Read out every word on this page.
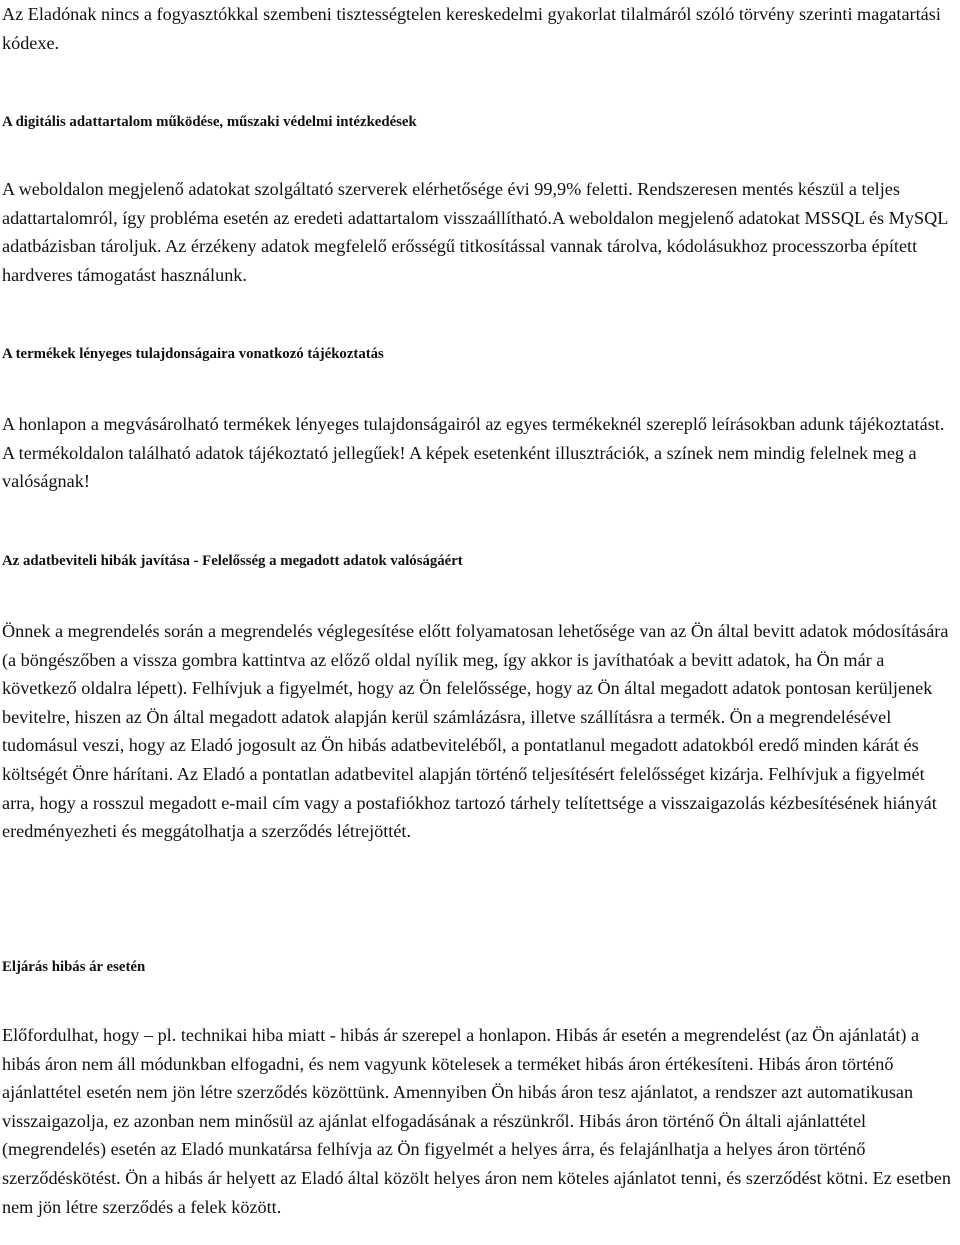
Az Eladónak nincs a fogyasztókkal szembeni tisztességtelen kereskedelmi gyakorlat tilalmáról szóló törvény szerinti magatartási kódexe.

A digitális adattartalom működése, műszaki védelmi intézkedések

A weboldalon megjelenő adatokat szolgáltató szerverek elérhetősége évi 99,9% feletti. Rendszeresen mentés készül a teljes adattartalomról, így probléma esetén az eredeti adattartalom visszaállítható.A weboldalon megjelenő adatokat MSSQL és MySQL adatbázisban tároljuk. Az érzékeny adatok megfelelő erősségű titkosítással vannak tárolva, kódolásukhoz processzorba épített hardveres támogatást használunk.

A termékek lényeges tulajdonságaira vonatkozó tájékoztatás

A honlapon a megvásárolható termékek lényeges tulajdonságairól az egyes termékeknél szereplő leírásokban adunk tájékoztatást. A termékoldalon található adatok tájékoztató jellegűek! A képek esetenként illusztrációk, a színek nem mindig felelnek meg a valóságnak!

Az adatbeviteli hibák javítása - Felelősség a megadott adatok valóságáért

Önnek a megrendelés során a megrendelés véglegesítése előtt folyamatosan lehetősége van az Ön által bevitt adatok módosítására (a böngészőben a vissza gombra kattintva az előző oldal nyílik meg, így akkor is javíthatóak a bevitt adatok, ha Ön már a következő oldalra lépett). Felhívjuk a figyelmét, hogy az Ön felelőssége, hogy az Ön által megadott adatok pontosan kerüljenek bevitelre, hiszen az Ön által megadott adatok alapján kerül számlázásra, illetve szállításra a termék. Ön a megrendelésével tudomásul veszi, hogy az Eladó jogosult az Ön hibás adatbeviteléből, a pontatlanul megadott adatokból eredő minden kárát és költségét Önre hárítani. Az Eladó a pontatlan adatbevitel alapján történő teljesítésért felelősséget kizárja. Felhívjuk a figyelmét arra, hogy a rosszul megadott e-mail cím vagy a postafiókhoz tartozó tárhely telítettsége a visszaigazolás kézbesítésének hiányát eredményezheti és meggátolhatja a szerződés létrejöttét.

Eljárás hibás ár esetén

Előfordulhat, hogy – pl. technikai hiba miatt - hibás ár szerepel a honlapon. Hibás ár esetén a megrendelést (az Ön ajánlatát) a hibás áron nem áll módunkban elfogadni, és nem vagyunk kötelesek a terméket hibás áron értékesíteni. Hibás áron történő ajánlattétel esetén nem jön létre szerződés közöttünk. Amennyiben Ön hibás áron tesz ajánlatot, a rendszer azt automatikusan visszaigazolja, ez azonban nem minősül az ajánlat elfogadásának a részünkről. Hibás áron történő Ön általi ajánlattétel (megrendelés) esetén az Eladó munkatársa felhívja az Ön figyelmét a helyes árra, és felajánlhatja a helyes áron történő szerződéskötést. Ön a hibás ár helyett az Eladó által közölt helyes áron nem köteles ajánlatot tenni, és szerződést kötni. Ez esetben nem jön létre szerződés a felek között.
